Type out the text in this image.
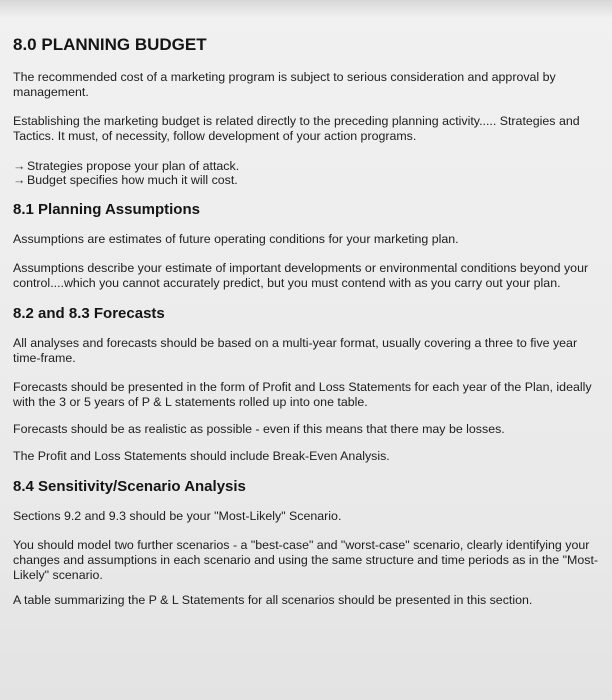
8.0 PLANNING BUDGET

The recommended cost of a marketing program is subject to serious consideration and approval by management.

Establishing the marketing budget is related directly to the preceding planning activity..... Strategies and Tactics. It must, of necessity, follow development of your action programs.

→ Strategies propose your plan of attack.
→ Budget specifies how much it will cost.
8.1 Planning Assumptions

Assumptions are estimates of future operating conditions for your marketing plan.

Assumptions describe your estimate of important developments or environmental conditions beyond your control....which you cannot accurately predict, but you must contend with as you carry out your plan.

8.2 and 8.3 Forecasts

All analyses and forecasts should be based on a multi-year format, usually covering a three to five year time-frame.

Forecasts should be presented in the form of Profit and Loss Statements for each year of the Plan, ideally with the 3 or 5 years of P & L statements rolled up into one table.

Forecasts should be as realistic as possible - even if this means that there may be losses.

The Profit and Loss Statements should include Break-Even Analysis.

8.4 Sensitivity/Scenario Analysis

Sections 9.2 and 9.3 should be your "Most-Likely" Scenario.

You should model two further scenarios - a "best-case" and "worst-case" scenario, clearly identifying your changes and assumptions in each scenario and using the same structure and time periods as in the "Most-Likely" scenario.

A table summarizing the P & L Statements for all scenarios should be presented in this section.
